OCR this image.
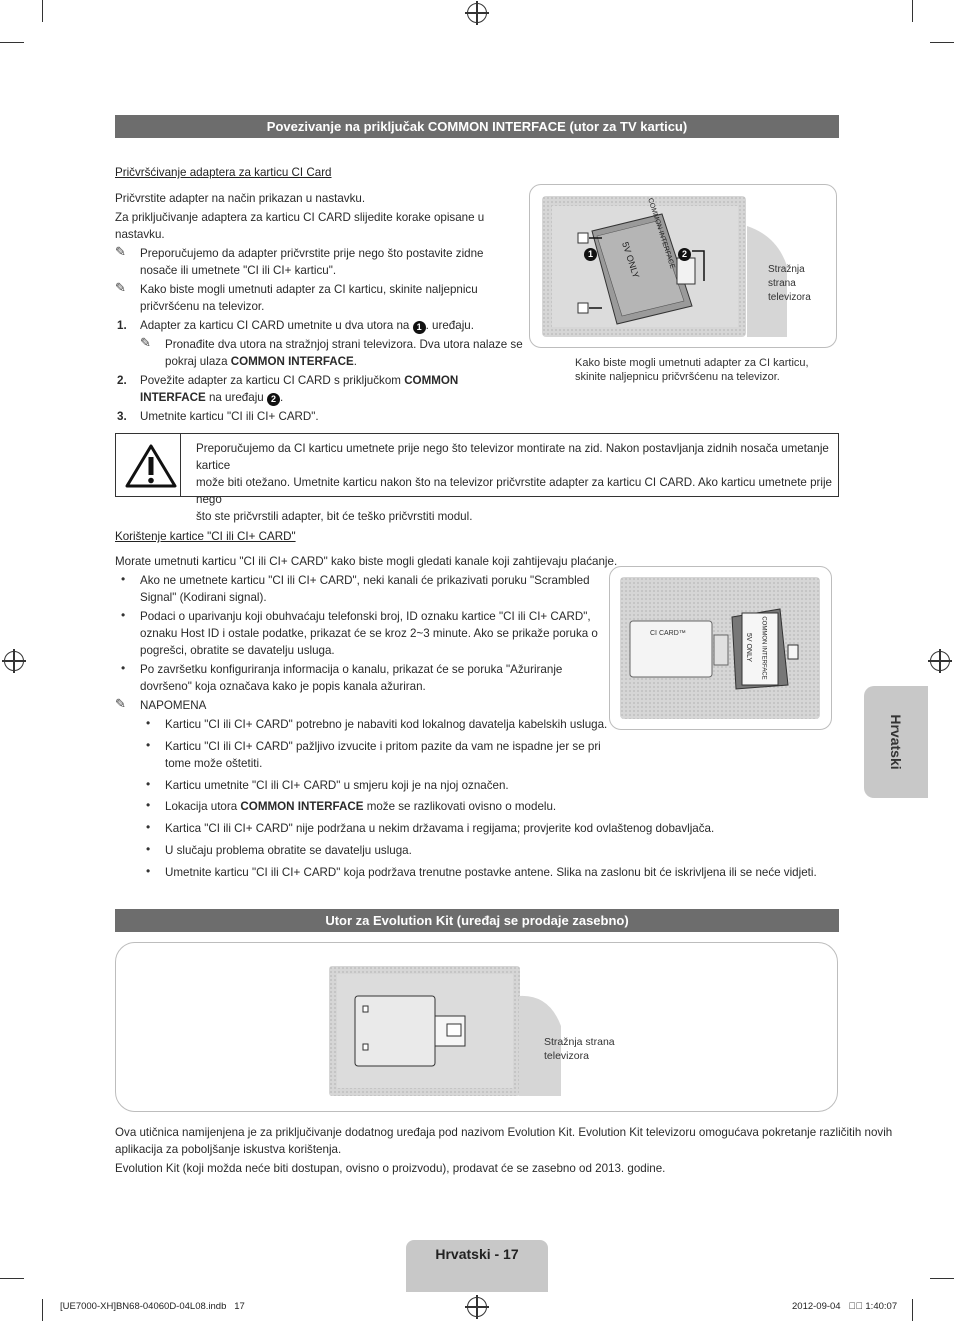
Povezivanje na priključak COMMON INTERFACE (utor za TV karticu)
Pričvršćivanje adaptera za karticu CI Card
Pričvrstite adapter na način prikazan u nastavku.
Za priključivanje adaptera za karticu CI CARD slijedite korake opisane u
nastavku.
✎ Preporučujemo da adapter pričvrstite prije nego što postavite zidne
nosače ili umetnete "CI ili CI+ karticu".
✎ Kako biste mogli umetnuti adapter za CI karticu, skinite naljepnicu
pričvršćenu na televizor.
1. Adapter za karticu CI CARD umetnite u dva utora na 1 . uređaju.
✎ Pronađite dva utora na stražnjoj strani televizora. Dva utora nalaze se
pokraj ulaza COMMON INTERFACE.
2. Povežite adapter za karticu CI CARD s priključkom COMMON
INTERFACE na uređaju 2 .
3. Umetnite karticu "CI ili CI+ CARD".
COMMON INTERFACE
5V ONLY
1	2
Stražnja
strana
televizora
Kako biste mogli umetnuti adapter za CI karticu,
skinite naljepnicu pričvršćenu na televizor.
Preporučujemo da CI karticu umetnete prije nego što televizor montirate na zid. Nakon postavljanja zidnih nosača umetanje kartice
može biti otežano. Umetnite karticu nakon što na televizor pričvrstite adapter za karticu CI CARD. Ako karticu umetnete prije nego
što ste pričvrstili adapter, bit će teško pričvrstiti modul.
Korištenje kartice "CI ili CI+ CARD"
Morate umetnuti karticu "CI ili CI+ CARD" kako biste mogli gledati kanale koji zahtijevaju plaćanje.
• Ako ne umetnete karticu "CI ili CI+ CARD", neki kanali će prikazivati poruku "Scrambled
Signal" (Kodirani signal).
• Podaci o uparivanju koji obuhvaćaju telefonski broj, ID oznaku kartice "CI ili CI+ CARD",
oznaku Host ID i ostale podatke, prikazat će se kroz 2~3 minute. Ako se prikaže poruka o
pogrešci, obratite se davatelju usluga.
• Po završetku konfiguriranja informacija o kanalu, prikazat će se poruka "Ažuriranje
dovršeno" koja označava kako je popis kanala ažuriran.
✎ NAPOMENA
• Karticu "CI ili CI+ CARD" potrebno je nabaviti kod lokalnog davatelja kabelskih usluga.
• Karticu "CI ili CI+ CARD" pažljivo izvucite i pritom pazite da vam ne ispadne jer se pri
tome može oštetiti.
• Karticu umetnite "CI ili CI+ CARD" u smjeru koji je na njoj označen.
• Lokacija utora COMMON INTERFACE može se razlikovati ovisno o modelu.
• Kartica "CI ili CI+ CARD" nije podržana u nekim državama i regijama; provjerite kod ovlaštenog dobavljača.
• U slučaju problema obratite se davatelju usluga.
• Umetnite karticu "CI ili CI+ CARD" koja podržava trenutne postavke antene. Slika na zaslonu bit će iskrivljena ili se neće vidjeti.
CI CARD™	COMMON INTERFACE
5V ONLY
Utor za Evolution Kit (uređaj se prodaje zasebno)
Stražnja strana
televizora
Ova utičnica namijenjena je za priključivanje dodatnog uređaja pod nazivom Evolution Kit. Evolution Kit televizoru omogućava pokretanje različitih novih
aplikacija za poboljšanje iskustva korištenja.
Evolution Kit (koji možda neće biti dostupan, ovisno o proizvodu), prodavat će se zasebno od 2013. godine.
Hrvatski
Hrvatski - 17
[UE7000-XH]BN68-04060D-04L08.indb   17	2012-09-04   ￿￿ 1:40:07
